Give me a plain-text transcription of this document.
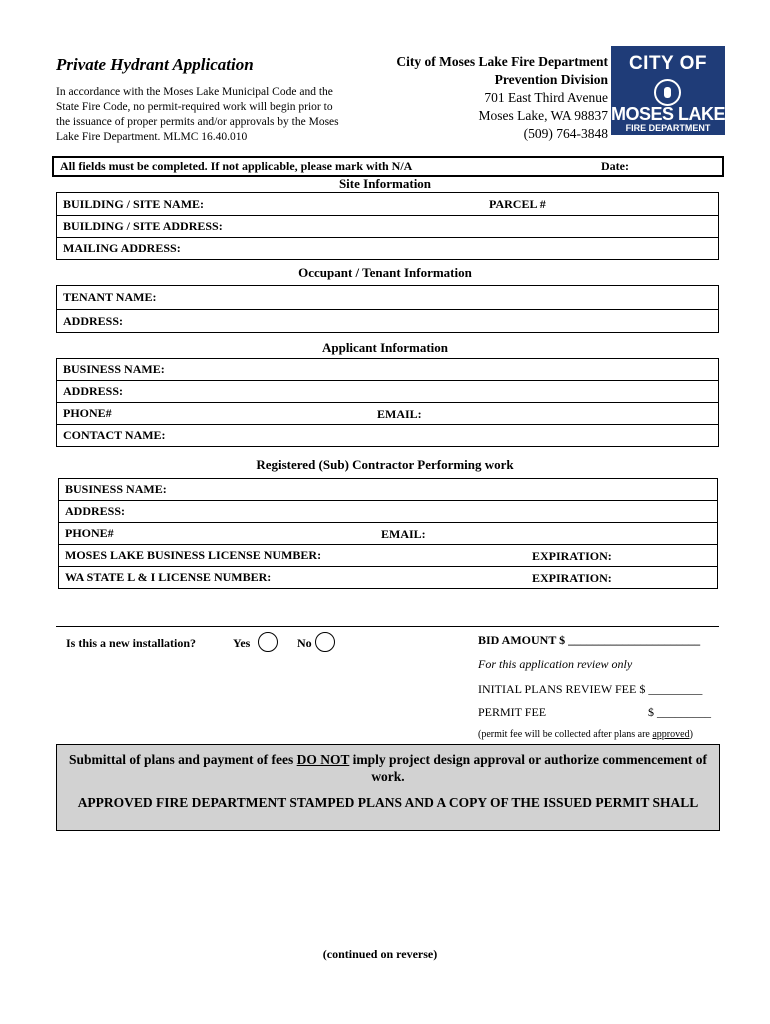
Private Hydrant Application
In accordance with the Moses Lake Municipal Code and the State Fire Code, no permit-required work will begin prior to the issuance of proper permits and/or approvals by the Moses Lake Fire Department. MLMC 16.40.010
City of Moses Lake Fire Department
Prevention Division
701 East Third Avenue
Moses Lake, WA 98837
(509) 764-3848
CITY OF
MOSES LAKE
FIRE DEPARTMENT
All fields must be completed. If not applicable, please mark with N/A	Date:
Site Information
BUILDING / SITE NAME:	PARCEL #

BUILDING / SITE ADDRESS:
MAILING ADDRESS:
Occupant / Tenant Information
TENANT NAME:
ADDRESS:
Applicant Information
BUSINESS NAME:
ADDRESS:
PHONE#	EMAIL:

CONTACT NAME:
Registered (Sub) Contractor Performing work
BUSINESS NAME:
ADDRESS:
PHONE#	EMAIL:

MOSES LAKE BUSINESS LICENSE NUMBER:	EXPIRATION:

WA STATE L & I LICENSE NUMBER:	EXPIRATION:
Is this a new installation?	Yes	No	BID AMOUNT $ ______________________
For this application review only
INITIAL PLANS REVIEW FEE $ _________
PERMIT FEE	$ _________
(permit fee will be collected after plans are approved)
Submittal of plans and payment of fees DO NOT imply project design approval or authorize commencement of work.
APPROVED FIRE DEPARTMENT STAMPED PLANS AND A COPY OF THE ISSUED PERMIT SHALL
(continued on reverse)
